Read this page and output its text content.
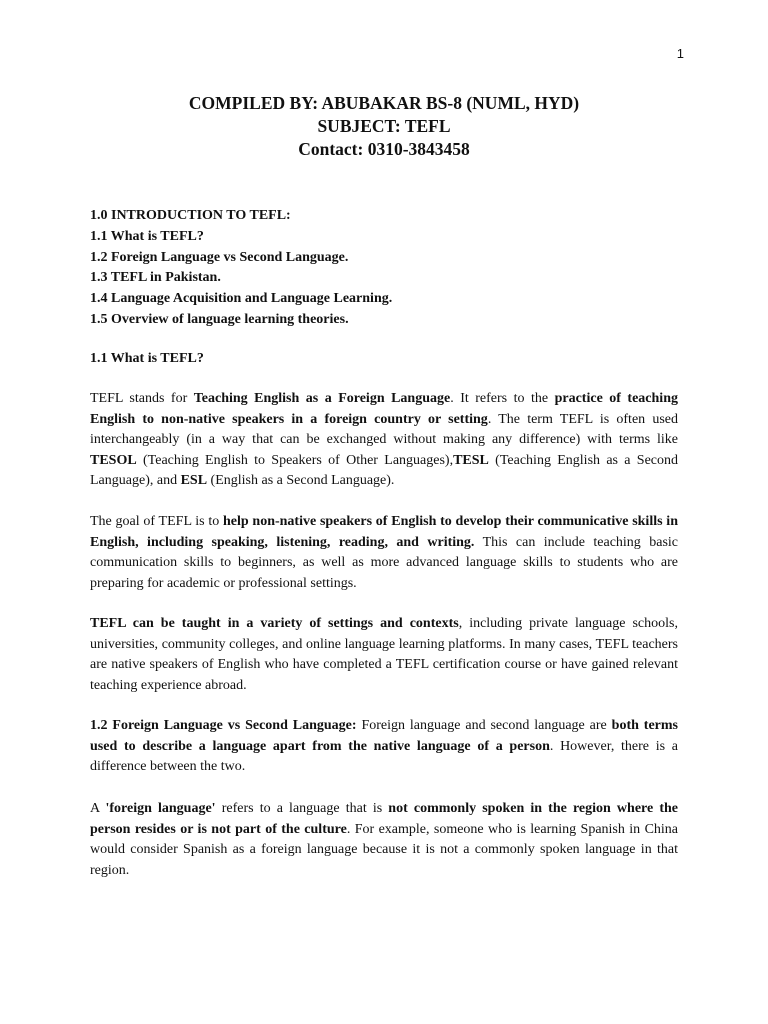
1
COMPILED BY: ABUBAKAR BS-8 (NUML, HYD)
SUBJECT: TEFL
Contact: 0310-3843458
1.0 INTRODUCTION TO TEFL:
1.1 What is TEFL?
1.2 Foreign Language vs Second Language.
1.3 TEFL in Pakistan.
1.4 Language Acquisition and Language Learning.
1.5 Overview of language learning theories.
1.1 What is TEFL?

TEFL stands for Teaching English as a Foreign Language. It refers to the practice of teaching English to non-native speakers in a foreign country or setting. The term TEFL is often used interchangeably (in a way that can be exchanged without making any difference) with terms like TESOL (Teaching English to Speakers of Other Languages),TESL (Teaching English as a Second Language), and ESL (English as a Second Language).

The goal of TEFL is to help non-native speakers of English to develop their communicative skills in English, including speaking, listening, reading, and writing. This can include teaching basic communication skills to beginners, as well as more advanced language skills to students who are preparing for academic or professional settings.

TEFL can be taught in a variety of settings and contexts, including private language schools, universities, community colleges, and online language learning platforms. In many cases, TEFL teachers are native speakers of English who have completed a TEFL certification course or have gained relevant teaching experience abroad.

1.2 Foreign Language vs Second Language: Foreign language and second language are both terms used to describe a language apart from the native language of a person. However, there is a difference between the two.

A 'foreign language' refers to a language that is not commonly spoken in the region where the person resides or is not part of the culture. For example, someone who is learning Spanish in China would consider Spanish as a foreign language because it is not a commonly spoken language in that region.
